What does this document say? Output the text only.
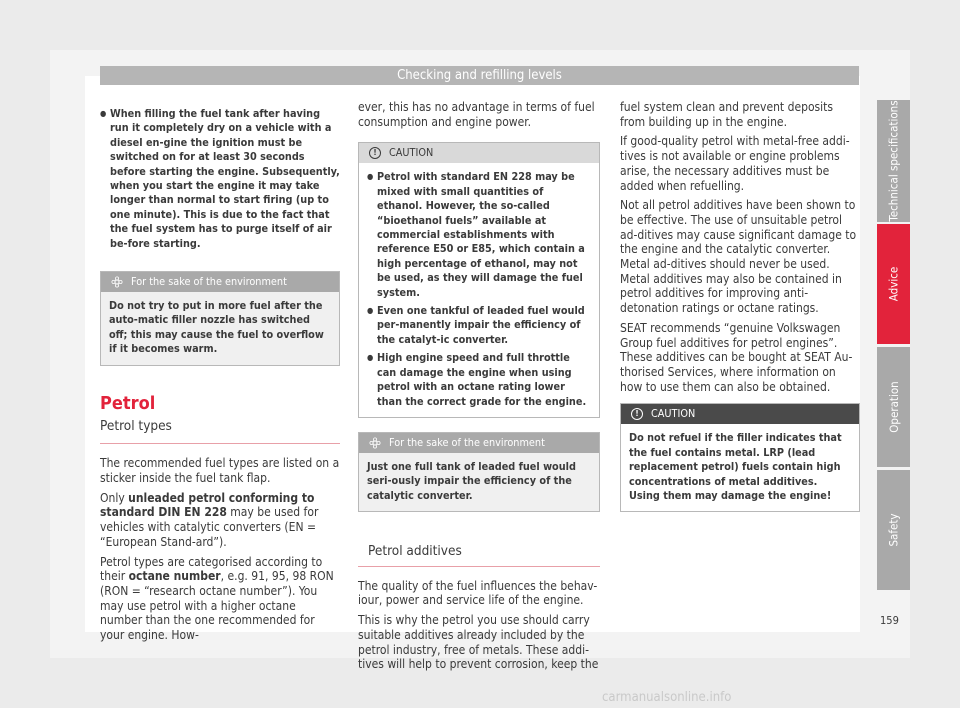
Checking and refilling levels

● When filling the fuel tank after having run it completely dry on a vehicle with a diesel en-gine the ignition must be switched on for at least 30 seconds before starting the engine. Subsequently, when you start the engine it may take longer than normal to start firing (up to one minute). This is due to the fact that the fuel system has to purge itself of air be-fore starting.

For the sake of the environment
Do not try to put in more fuel after the auto-matic filler nozzle has switched off; this may cause the fuel to overflow if it becomes warm.
Petrol
Petrol types

The recommended fuel types are listed on a sticker inside the fuel tank flap.

Only unleaded petrol conforming to standard DIN EN 228 may be used for vehicles with catalytic converters (EN = “European Stand-ard”).

Petrol types are categorised according to their octane number, e.g. 91, 95, 98 RON (RON = “research octane number”). You may use petrol with a higher octane number than the one recommended for your engine. How-

ever, this has no advantage in terms of fuel consumption and engine power.

!	CAUTION

● Petrol with standard EN 228 may be mixed with small quantities of ethanol. However, the so-called “bioethanol fuels” available at commercial establishments with reference E50 or E85, which contain a high percentage of ethanol, may not be used, as they will damage the fuel system.

● Even one tankful of leaded fuel would per-manently impair the efficiency of the catalyt-ic converter.

● High engine speed and full throttle can damage the engine when using petrol with an octane rating lower than the correct grade for the engine.

For the sake of the environment
Just one full tank of leaded fuel would seri-ously impair the efficiency of the catalytic converter.
Petrol additives

The quality of the fuel influences the behav-iour, power and service life of the engine.

This is why the petrol you use should carry suitable additives already included by the petrol industry, free of metals. These addi-tives will help to prevent corrosion, keep the

fuel system clean and prevent deposits from building up in the engine.

If good-quality petrol with metal-free addi-tives is not available or engine problems arise, the necessary additives must be added when refuelling.

Not all petrol additives have been shown to be effective. The use of unsuitable petrol ad-ditives may cause significant damage to the engine and the catalytic converter. Metal ad-ditives should never be used. Metal additives may also be contained in petrol additives for improving anti-detonation ratings or octane ratings.

SEAT recommends “genuine Volkswagen Group fuel additives for petrol engines”. These additives can be bought at SEAT Au-thorised Services, where information on how to use them can also be obtained.

!	CAUTION
Do not refuel if the filler indicates that the fuel contains metal. LRP (lead replacement petrol) fuels contain high concentrations of metal additives. Using them may damage the engine!
Technical specifications
Advice
Operation
Safety
159
carmanualsonline.info
